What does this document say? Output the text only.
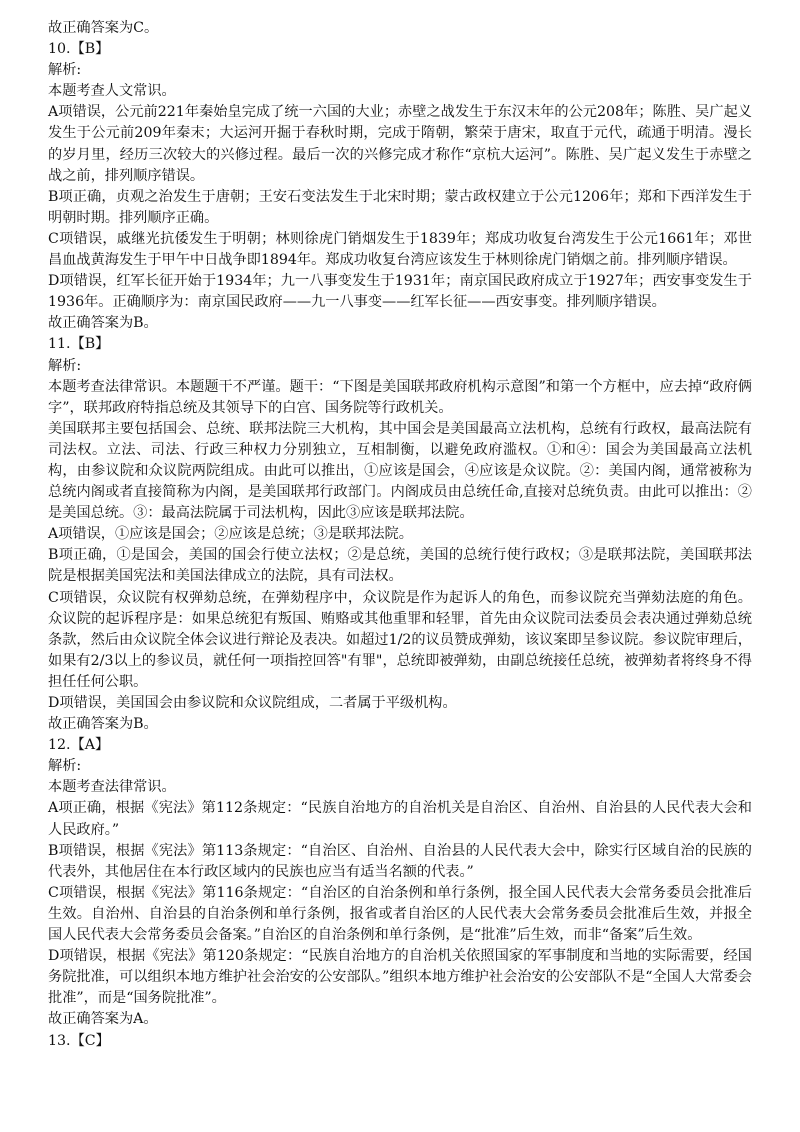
故正确答案为C。

10.【B】

解析:

本题考查人文常识。

A项错误，公元前221年秦始皇完成了统一六国的大业；赤壁之战发生于东汉末年的公元208年；陈胜、吴广起义发生于公元前209年秦末；大运河开掘于春秋时期，完成于隋朝，繁荣于唐宋，取直于元代，疏通于明清。漫长的岁月里，经历三次较大的兴修过程。最后一次的兴修完成才称作“京杭大运河”。陈胜、吴广起义发生于赤壁之战之前，排列顺序错误。

B项正确，贞观之治发生于唐朝；王安石变法发生于北宋时期；蒙古政权建立于公元1206年；郑和下西洋发生于明朝时期。排列顺序正确。

C项错误，戚继光抗倭发生于明朝；林则徐虎门销烟发生于1839年；郑成功收复台湾发生于公元1661年；邓世昌血战黄海发生于甲午中日战争即1894年。郑成功收复台湾应该发生于林则徐虎门销烟之前。排列顺序错误。

D项错误，红军长征开始于1934年；九一八事变发生于1931年；南京国民政府成立于1927年；西安事变发生于1936年。正确顺序为：南京国民政府——九一八事变——红军长征——西安事变。排列顺序错误。

故正确答案为B。

11.【B】

解析:

本题考查法律常识。本题题干不严谨。题干：“下图是美国联邦政府机构示意图”和第一个方框中，应去掉“政府俩字”，联邦政府特指总统及其领导下的白宫、国务院等行政机关。

美国联邦主要包括国会、总统、联邦法院三大机构，其中国会是美国最高立法机构，总统有行政权，最高法院有司法权。立法、司法、行政三种权力分别独立，互相制衡，以避免政府滥权。①和④：国会为美国最高立法机构，由参议院和众议院两院组成。由此可以推出，①应该是国会，④应该是众议院。②：美国内阁，通常被称为总统内阁或者直接简称为内阁，是美国联邦行政部门。内阁成员由总统任命,直接对总统负责。由此可以推出：②是美国总统。③：最高法院属于司法机构，因此③应该是联邦法院。

A项错误，①应该是国会；②应该是总统；③是联邦法院。

B项正确，①是国会，美国的国会行使立法权；②是总统，美国的总统行使行政权；③是联邦法院，美国联邦法院是根据美国宪法和美国法律成立的法院，具有司法权。

C项错误，众议院有权弹劾总统，在弹劾程序中，众议院是作为起诉人的角色，而参议院充当弹劾法庭的角色。众议院的起诉程序是：如果总统犯有叛国、贿赂或其他重罪和轻罪，首先由众议院司法委员会表决通过弹劾总统条款，然后由众议院全体会议进行辩论及表决。如超过1/2的议员赞成弹劾，该议案即呈参议院。参议院审理后，如果有2/3以上的参议员，就任何一项指控回答"有罪"，总统即被弹劾，由副总统接任总统，被弹劾者将终身不得担任任何公职。

D项错误，美国国会由参议院和众议院组成，二者属于平级机构。

故正确答案为B。

12.【A】

解析:

本题考查法律常识。

A项正确，根据《宪法》第112条规定：“民族自治地方的自治机关是自治区、自治州、自治县的人民代表大会和人民政府。”

B项错误，根据《宪法》第113条规定：“自治区、自治州、自治县的人民代表大会中，除实行区域自治的民族的代表外，其他居住在本行政区域内的民族也应当有适当名额的代表。”

C项错误，根据《宪法》第116条规定：“自治区的自治条例和单行条例，报全国人民代表大会常务委员会批准后生效。自治州、自治县的自治条例和单行条例，报省或者自治区的人民代表大会常务委员会批准后生效，并报全国人民代表大会常务委员会备案。”自治区的自治条例和单行条例，是“批准”后生效，而非“备案”后生效。

D项错误，根据《宪法》第120条规定：“民族自治地方的自治机关依照国家的军事制度和当地的实际需要，经国务院批准，可以组织本地方维护社会治安的公安部队。”组织本地方维护社会治安的公安部队不是“全国人大常委会批准”，而是“国务院批准”。

故正确答案为A。

13.【C】
